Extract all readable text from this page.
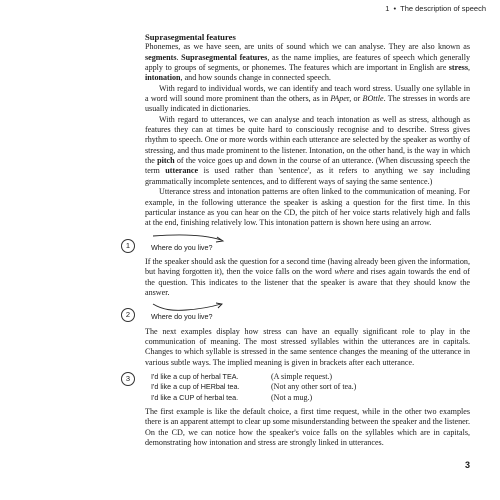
1 • The description of speech

Suprasegmental features

Phonemes, as we have seen, are units of sound which we can analyse. They are also known as segments. Suprasegmental features, as the name implies, are features of speech which generally apply to groups of segments, or phonemes. The features which are important in English are stress, intonation, and how sounds change in connected speech.

With regard to individual words, we can identify and teach word stress. Usually one syllable in a word will sound more prominent than the others, as in PAper, or BOttle. The stresses in words are usually indicated in dictionaries.

With regard to utterances, we can analyse and teach intonation as well as stress, although as features they can at times be quite hard to consciously recognise and to describe. Stress gives rhythm to speech. One or more words within each utterance are selected by the speaker as worthy of stressing, and thus made prominent to the listener. Intonation, on the other hand, is the way in which the pitch of the voice goes up and down in the course of an utterance. (When discussing speech the term utterance is used rather than 'sentence', as it refers to anything we say including grammatically incomplete sentences, and to different ways of saying the same sentence.)

Utterance stress and intonation patterns are often linked to the communication of meaning. For example, in the following utterance the speaker is asking a question for the first time. In this particular instance as you can hear on the CD, the pitch of her voice starts relatively high and falls at the end, finishing relatively low. This intonation pattern is shown here using an arrow.

1	Where do you live?

If the speaker should ask the question for a second time (having already been given the information, but having forgotten it), then the voice falls on the word where and rises again towards the end of the question. This indicates to the listener that the speaker is aware that they should know the answer.

2	Where do you live?

The next examples display how stress can have an equally significant role to play in the communication of meaning. The most stressed syllables within the utterances are in capitals. Changes to which syllable is stressed in the same sentence changes the meaning of the utterance in various subtle ways. The implied meaning is given in brackets after each utterance.

3	I'd like a cup of herbal TEA.	(A simple request.)
I'd like a cup of HERbal tea.	(Not any other sort of tea.)
I'd like a CUP of herbal tea.	(Not a mug.)

The first example is like the default choice, a first time request, while in the other two examples there is an apparent attempt to clear up some misunderstanding between the speaker and the listener. On the CD, we can notice how the speaker's voice falls on the syllables which are in capitals, demonstrating how intonation and stress are strongly linked in utterances.

3
